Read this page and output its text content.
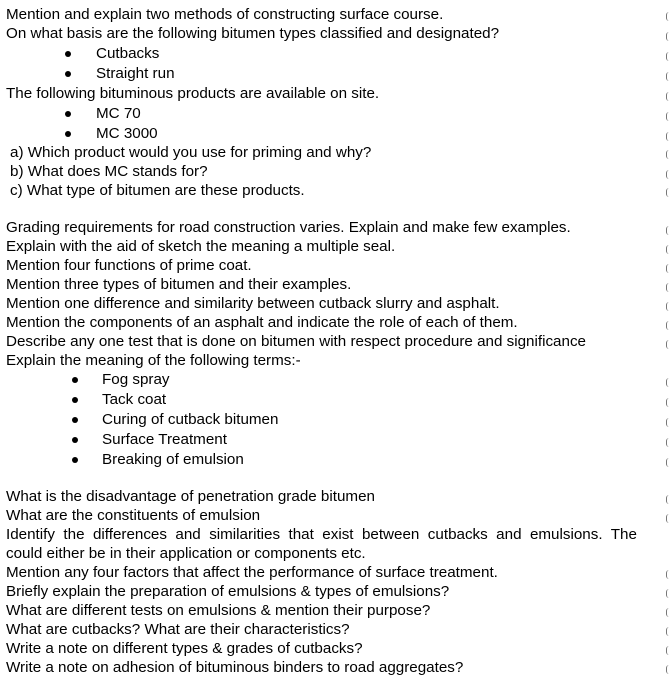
Mention and explain two methods of constructing surface course.
On what basis are the following bitumen types classified and designated?
Cutbacks
Straight run
The following bituminous products are available on site.
MC 70
MC 3000
a) Which product would you use for priming and why?
b) What does MC stands for?
c) What type of bitumen are these products.
Grading requirements for road construction varies. Explain and make few examples.
Explain with the aid of sketch the meaning a multiple seal.
Mention four functions of prime coat.
Mention three types of bitumen and their examples.
Mention one difference and similarity between cutback slurry and asphalt.
Mention the components of an asphalt and indicate the role of each of them.
Describe any one test that is done on bitumen with respect procedure and significance
Explain the meaning of the following terms:-
Fog spray
Tack coat
Curing of cutback bitumen
Surface Treatment
Breaking of emulsion
What is the disadvantage of penetration grade bitumen
What are the constituents of emulsion
Identify  the  differences  and  similarities  that  exist  between  cutbacks  and  emulsions.  The
could either be in their application or components etc.
Mention any four factors that affect the performance of surface treatment.
Briefly explain the preparation of emulsions & types of emulsions?
What are different tests on emulsions & mention their purpose?
What are cutbacks? What are their characteristics?
Write a note on different types & grades of cutbacks?
Write a note on adhesion of bituminous binders to road aggregates?
